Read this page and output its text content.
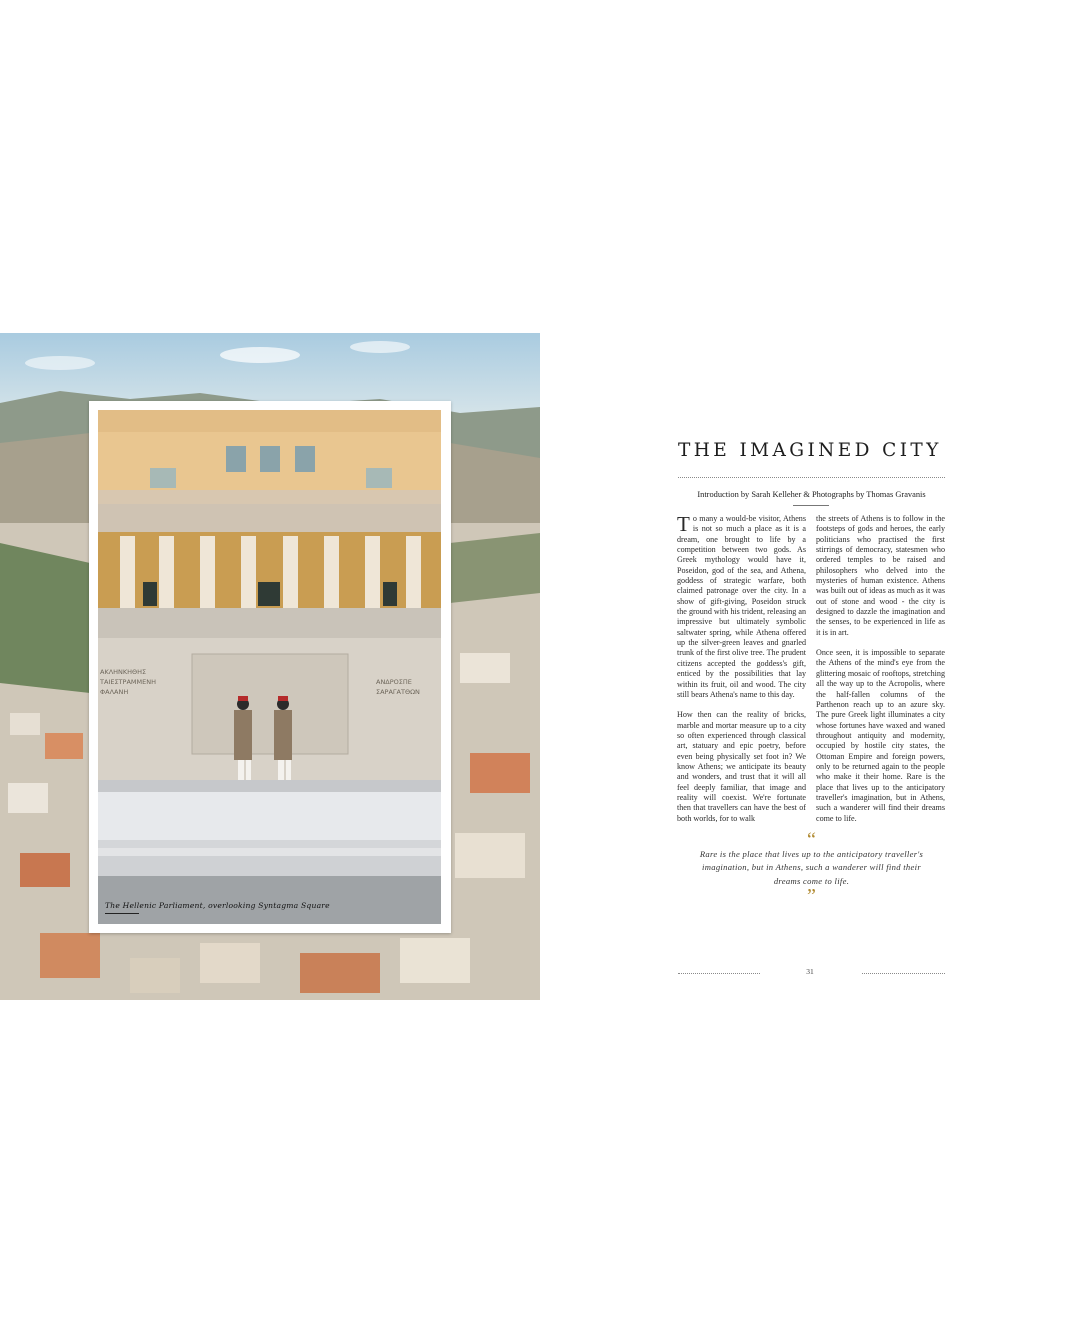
ΑΚΛΗΝΚΗΘΗΣ
ΤΑΙΕΣΤΡΑΜΜΕΝΗ
ΦΑΛΑΝΗ
ΑΝΔΡΟΣΠΕ
ΣΑΡΑΓΑΤΘΩΝ
The Hellenic Parliament, overlooking Syntagma Square
THE IMAGINED CITY
Introduction by Sarah Kelleher & Photographs by Thomas Gravanis

To many a would-be visitor, Athens is not so much a place as it is a dream, one brought to life by a competition between two gods. As Greek mythology would have it, Poseidon, god of the sea, and Athena, goddess of strategic warfare, both claimed patronage over the city. In a show of gift-giving, Poseidon struck the ground with his trident, releasing an impressive but ultimately symbolic saltwater spring, while Athena offered up the silver-green leaves and gnarled trunk of the first olive tree. The prudent citizens accepted the goddess's gift, enticed by the possibilities that lay within its fruit, oil and wood. The city still bears Athena's name to this day.

How then can the reality of bricks, marble and mortar measure up to a city so often experienced through classical art, statuary and epic poetry, before even being physically set foot in? We know Athens; we anticipate its beauty and wonders, and trust that it will all feel deeply familiar, that image and reality will coexist. We're fortunate then that travellers can have the best of both worlds, for to walk

the streets of Athens is to follow in the footsteps of gods and heroes, the early politicians who practised the first stirrings of democracy, statesmen who ordered temples to be raised and philosophers who delved into the mysteries of human existence. Athens was built out of ideas as much as it was out of stone and wood - the city is designed to dazzle the imagination and the senses, to be experienced in life as it is in art.

Once seen, it is impossible to separate the Athens of the mind's eye from the glittering mosaic of rooftops, stretching all the way up to the Acropolis, where the half-fallen columns of the Parthenon reach up to an azure sky. The pure Greek light illuminates a city whose fortunes have waxed and waned throughout antiquity and modernity, occupied by hostile city states, the Ottoman Empire and foreign powers, only to be returned again to the people who make it their home. Rare is the place that lives up to the anticipatory traveller's imagination, but in Athens, such a wanderer will find their dreams come to life.

“
Rare is the place that lives up to the anticipatory traveller's imagination, but in Athens, such a wanderer will find their dreams come to life.
”
31
